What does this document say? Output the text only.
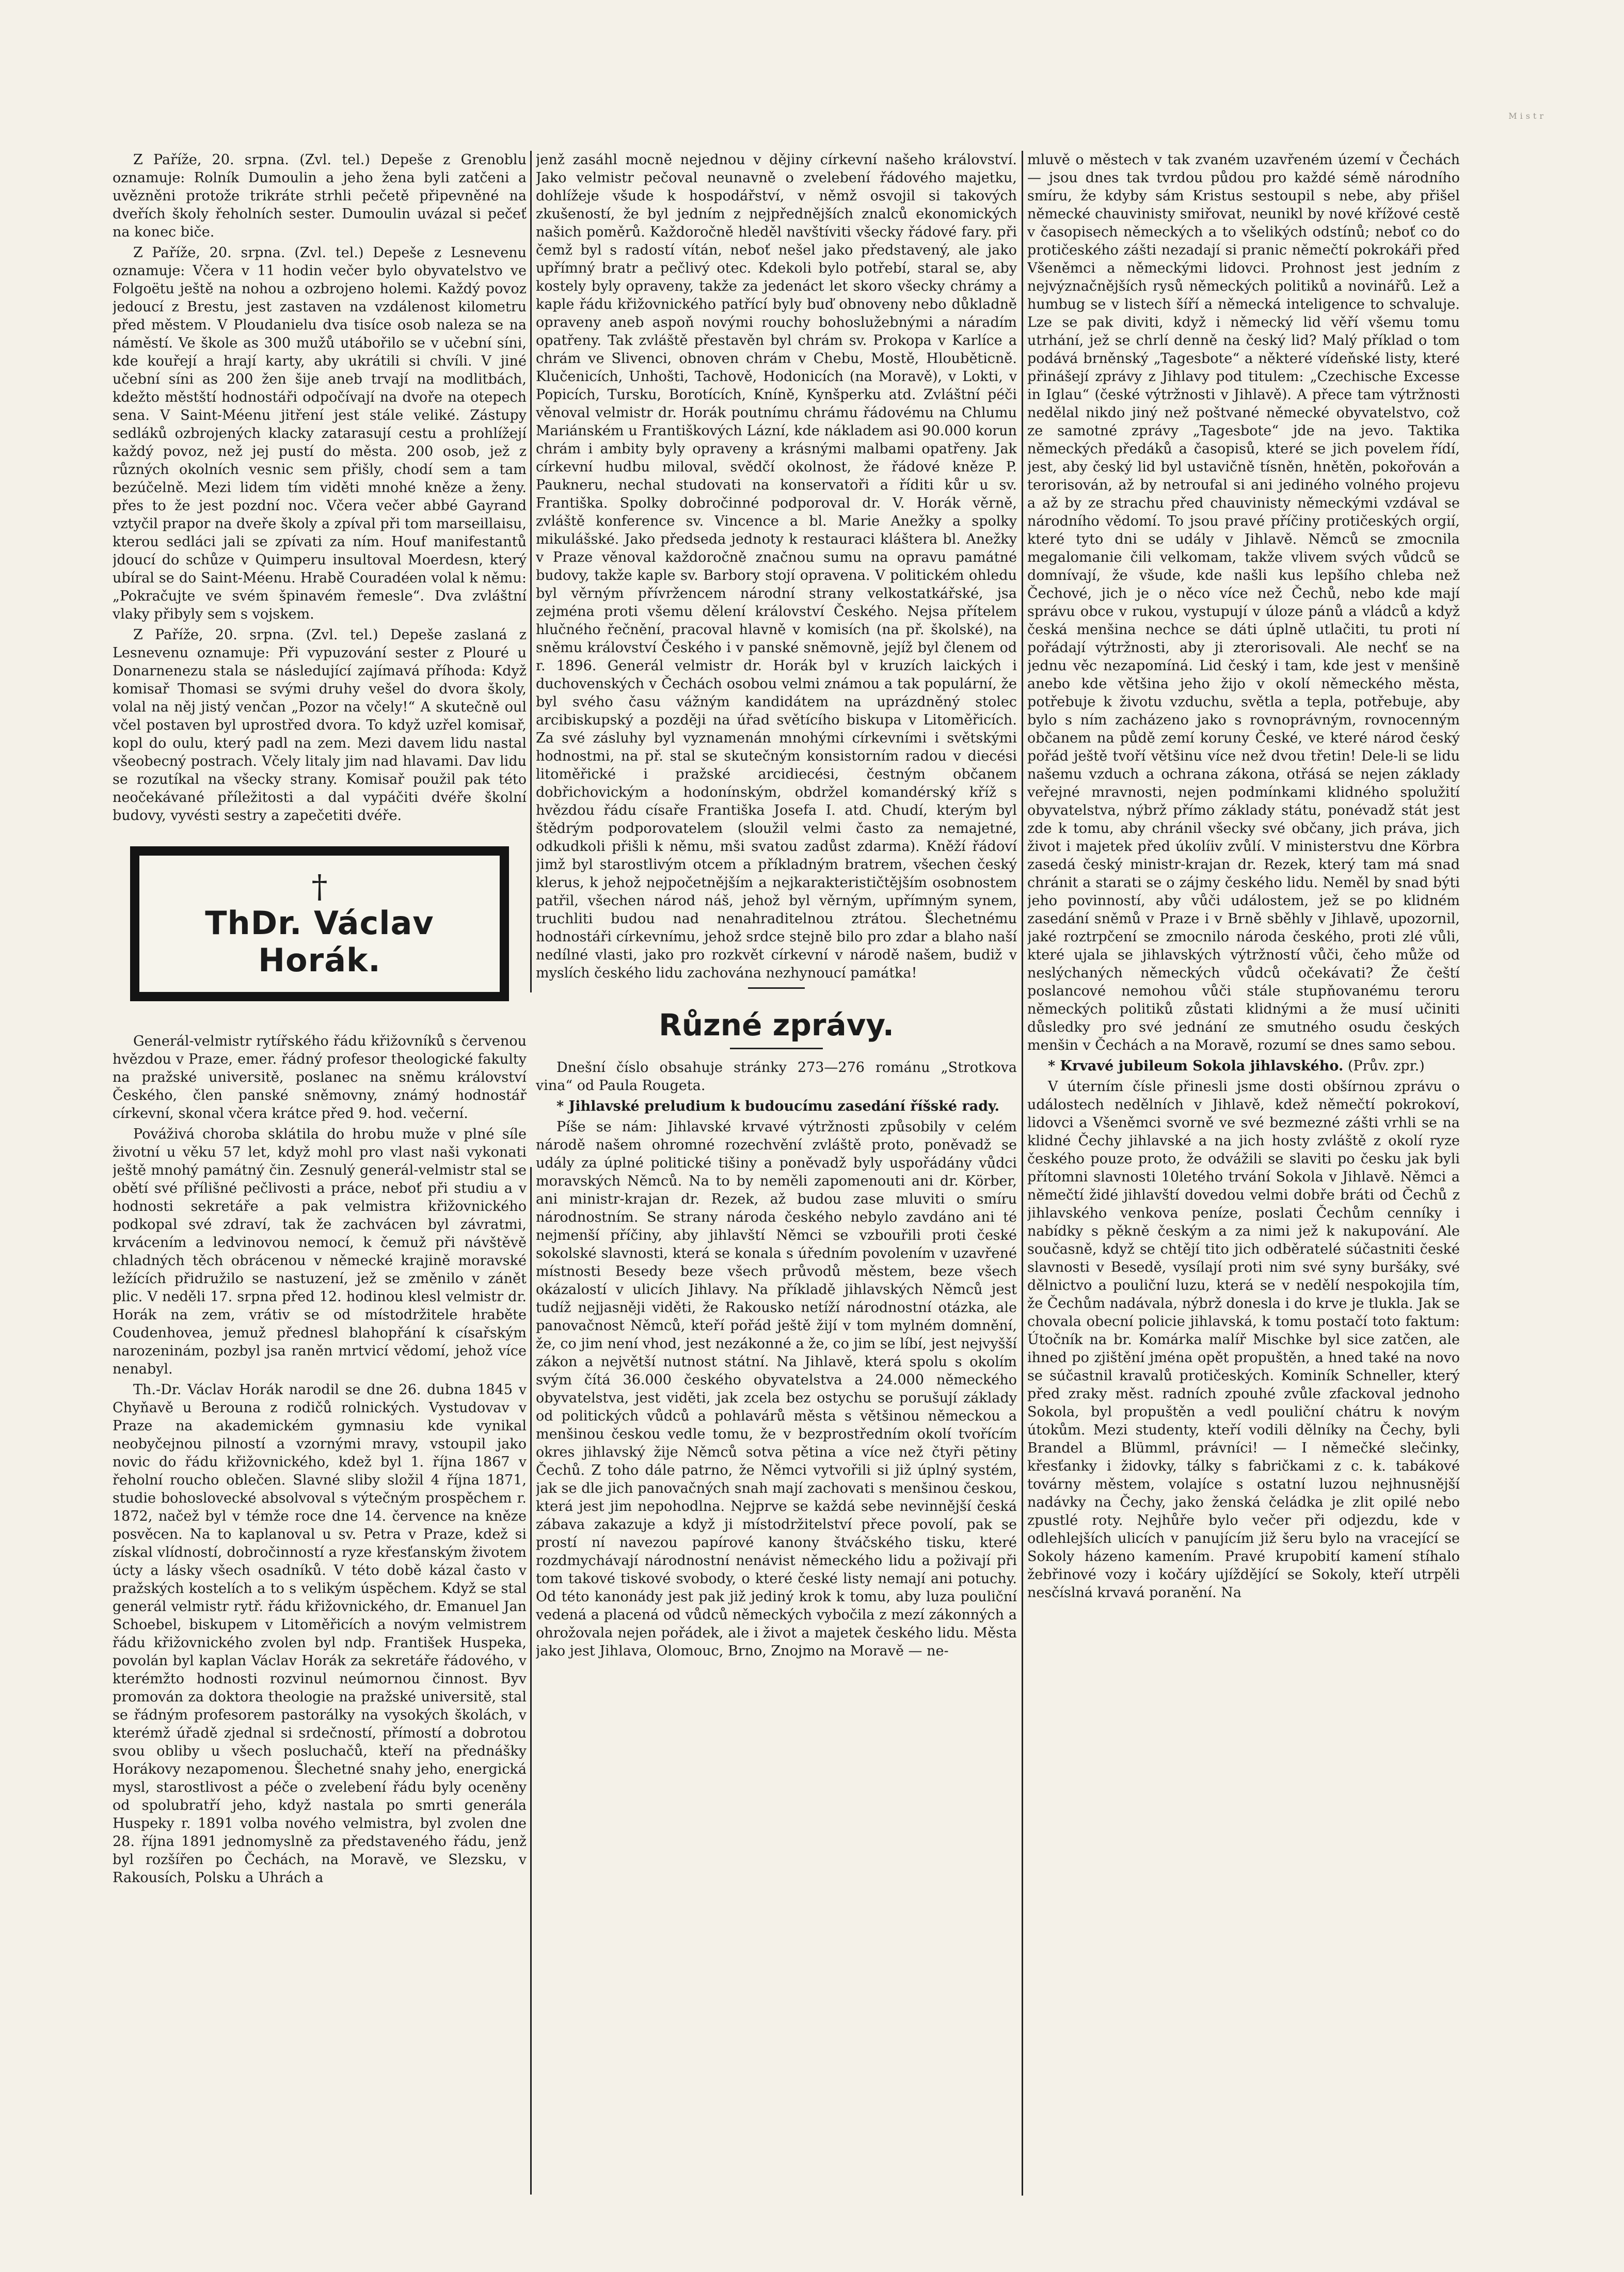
Mistr

Z Paříže, 20. srpna. (Zvl. tel.) Depeše z Grenoblu oznamuje: Rolník Dumoulin a jeho žena byli zatčeni a uvězněni protože trikráte strhli pečetě připevněné na dveřích školy řeholních sester. Dumoulin uvázal si pečeť na konec biče.

Z Paříže, 20. srpna. (Zvl. tel.) Depeše z Lesnevenu oznamuje: Včera v 11 hodin večer bylo obyvatelstvo ve Folgoëtu ještě na nohou a ozbrojeno holemi. Každý povoz jedoucí z Brestu, jest zastaven na vzdálenost kilometru před městem. V Ploudanielu dva tisíce osob naleza se na náměstí. Ve škole as 300 mužů utábořilo se v učební síni, kde kouřejí a hrají karty, aby ukrátili si chvíli. V jiné učební síni as 200 žen šije aneb trvají na modlitbách, kdežto městští hodnostáři odpočívají na dvoře na otepech sena. V Saint-Méenu jitření jest stále veliké. Zástupy sedláků ozbrojených klacky zatarasují cestu a prohlížejí každý povoz, než jej pustí do města. 200 osob, jež z různých okolních vesnic sem přišly, chodí sem a tam bezúčelně. Mezi lidem tím viděti mnohé kněze a ženy. přes to že jest pozdní noc. Včera večer abbé Gayrand vztyčil prapor na dveře školy a zpíval při tom marseillaisu, kterou sedláci jali se zpívati za ním. Houf manifestantů jdoucí do schůze v Quimperu insultoval Moerdesn, který ubíral se do Saint-Méenu. Hrabě Couradéen volal k němu: „Pokračujte ve svém špinavém řemesle“. Dva zvláštní vlaky přibyly sem s vojskem.

Z Paříže, 20. srpna. (Zvl. tel.) Depeše zaslaná z Lesnevenu oznamuje: Při vypuzování sester z Plouré u Donarnenezu stala se následující zajímavá příhoda: Když komisař Thomasi se svými druhy vešel do dvora školy, volal na něj jistý venčan „Pozor na včely!“ A skutečně oul včel postaven byl uprostřed dvora. To když uzřel komisař, kopl do oulu, který padl na zem. Mezi davem lidu nastal všeobecný postrach. Včely litaly jim nad hlavami. Dav lidu se rozutíkal na všecky strany. Komisař použil pak této neočekávané příležitosti a dal vypáčiti dvéře školní budovy, vyvésti sestry a zapečetiti dvéře.

†
ThDr. Václav Horák.

Generál-velmistr rytířského řádu křižovníků s červenou hvězdou v Praze, emer. řádný profesor theologické fakulty na pražské universitě, poslanec na sněmu království Českého, člen panské sněmovny, známý hodnostář církevní, skonal včera krátce před 9. hod. večerní.

Pováživá choroba sklátila do hrobu muže v plné síle životní u věku 57 let, když mohl pro vlast naši vykonati ještě mnohý památný čin. Zesnulý generál-velmistr stal se obětí své přílišné pečlivosti a práce, neboť při studiu a v hodnosti sekretáře a pak velmistra křižovnického podkopal své zdraví, tak že zachvácen byl závratmi, krvácením a ledvinovou nemocí, k čemuž při návštěvě chladných těch obrácenou v německé krajině moravské ležících přidružilo se nastuzení, jež se změnilo v zánět plic. V neděli 17. srpna před 12. hodinou klesl velmistr dr. Horák na zem, vrátiv se od místodržitele hraběte Coudenhovea, jemuž přednesl blahopřání k císařským narozeninám, pozbyl jsa raněn mrtvicí vědomí, jehož více nenabyl.

Th.-Dr. Václav Horák narodil se dne 26. dubna 1845 v Chyňavě u Berouna z rodičů rolnických. Vystudovav v Praze na akademickém gymnasiu kde vynikal neobyčejnou pilností a vzornými mravy, vstoupil jako novic do řádu křižovnického, kdež byl 1. října 1867 v řeholní roucho oblečen. Slavné sliby složil 4 října 1871, studie bohoslovecké absolvoval s výtečným prospěchem r. 1872, načež byl v témže roce dne 14. července na kněze posvěcen. Na to kaplanoval u sv. Petra v Praze, kdež si získal vlídností, dobročinností a ryze křesťanským životem úcty a lásky všech osadníků. V této době kázal často v pražských kostelích a to s velikým úspěchem. Když se stal generál velmistr rytř. řádu křižovnického, dr. Emanuel Jan Schoebel, biskupem v Litoměřicích a novým velmistrem řádu křižovnického zvolen byl ndp. František Huspeka, povolán byl kaplan Václav Horák za sekretáře řádového, v kterémžto hodnosti rozvinul neúmornou činnost. Byv promován za doktora theologie na pražské universitě, stal se řádným profesorem pastorálky na vysokých školách, v kterémž úřadě zjednal si srdečností, přímostí a dobrotou svou obliby u všech posluchačů, kteří na přednášky Horákovy nezapomenou. Šlechetné snahy jeho, energická mysl, starostlivost a péče o zvelebení řádu byly oceněny od spolubratří jeho, když nastala po smrti generála Huspeky r. 1891 volba nového velmistra, byl zvolen dne 28. října 1891 jednomyslně za představeného řádu, jenž byl rozšířen po Čechách, na Moravě, ve Slezsku, v Rakousích, Polsku a Uhrách a

jenž zasáhl mocně nejednou v dějiny církevní našeho království. Jako velmistr pečoval neunavně o zvelebení řádového majetku, dohlížeje všude k hospodářství, v němž osvojil si takových zkušeností, že byl jedním z nejpřednějších znalců ekonomických našich poměrů. Každoročně hleděl navštíviti všecky řádové fary. při čemž byl s radostí vítán, neboť nešel jako představený, ale jako upřímný bratr a pečlivý otec. Kdekoli bylo potřebí, staral se, aby kostely byly opraveny, takže za jedenáct let skoro všecky chrámy a kaple řádu křižovnického patřící byly buď obnoveny nebo důkladně opraveny aneb aspoň novými rouchy bohoslužebnými a náradím opatřeny. Tak zvláště přestavěn byl chrám sv. Prokopa v Karlíce a chrám ve Slivenci, obnoven chrám v Chebu, Mostě, Hlouběticně. Klučenicích, Unhošti, Tachově, Hodonicích (na Moravě), v Lokti, v Popicích, Tursku, Borotících, Kníně, Kynšperku atd. Zvláštní péči věnoval velmistr dr. Horák poutnímu chrámu řádovému na Chlumu Mariánském u Františkových Lázní, kde nákladem asi 90.000 korun chrám i ambity byly opraveny a krásnými malbami opatřeny. Jak církevní hudbu miloval, svědčí okolnost, že řádové kněze P. Paukneru, nechal studovati na konservatoři a říditi kůr u sv. Františka. Spolky dobročinné podporoval dr. V. Horák věrně, zvláště konference sv. Vincence a bl. Marie Anežky a spolky mikulášské. Jako předseda jednoty k restauraci kláštera bl. Anežky v Praze věnoval každoročně značnou sumu na opravu památné budovy, takže kaple sv. Barbory stojí opravena. V politickém ohledu byl věrným přívržencem národní strany velkostatkářské, jsa zejména proti všemu dělení království Českého. Nejsa přítelem hlučného řečnění, pracoval hlavně v komisích (na př. školské), na sněmu království Českého i v panské sněmovně, jejíž byl členem od r. 1896. Generál velmistr dr. Horák byl v kruzích laických i duchovenských v Čechách osobou velmi známou a tak populární, že byl svého času vážným kandidátem na uprázdněný stolec arcibiskupský a později na úřad světícího biskupa v Litoměřicích. Za své zásluhy byl vyznamenán mnohými církevními i světskými hodnostmi, na př. stal se skutečným konsistorním radou v diecési litoměřické i pražské arcidiecési, čestným občanem dobřichovickým a hodonínským, obdržel komandérský kříž s hvězdou řádu císaře Františka Josefa I. atd. Chudí, kterým byl štědrým podporovatelem (sloužil velmi často za nemajetné, odkudkoli přišli k němu, mši svatou zadůst zdarma). Kněží řádoví jimž byl starostlivým otcem a příkladným bratrem, všechen český klerus, k jehož nejpočetnějším a nejkarakterističtějším osobnostem patřil, všechen národ náš, jehož byl věrným, upřímným synem, truchliti budou nad nenahraditelnou ztrátou. Šlechetnému hodnostáři církevnímu, jehož srdce stejně bilo pro zdar a blaho naší nedílné vlasti, jako pro rozkvět církevní v národě našem, budiž v myslích českého lidu zachována nezhynoucí památka!

Různé zprávy.

Dnešní číslo obsahuje stránky 273—276 románu „Strotkova vina“ od Paula Rougeta.

* Jihlavské preludium k budoucímu zasedání říšské rady.

Píše se nám: Jihlavské krvavé výtržnosti způsobily v celém národě našem ohromné rozechvění zvláště proto, poněvadž se udály za úplné politické tišiny a poněvadž byly uspořádány vůdci moravských Němců. Na to by neměli zapomenouti ani dr. Körber, ani ministr-krajan dr. Rezek, až budou zase mluviti o smíru národnostním. Se strany národa českého nebylo zavdáno ani té nejmenší příčiny, aby jihlavští Němci se vzbouřili proti české sokolské slavnosti, která se konala s úředním povolením v uzavřené místnosti Besedy beze všech průvodů městem, beze všech okázalostí v ulicích Jihlavy. Na příkladě jihlavských Němců jest tudíž nejjasněji viděti, že Rakousko netíží národnostní otázka, ale panovačnost Němců, kteří pořád ještě žijí v tom mylném domnění, že, co jim není vhod, jest nezákonné a že, co jim se líbí, jest nejvyšší zákon a největší nutnost státní. Na Jihlavě, která spolu s okolím svým čítá 36.000 českého obyvatelstva a 24.000 německého obyvatelstva, jest viděti, jak zcela bez ostychu se porušují základy od politických vůdců a pohlavárů města s většinou německou a menšinou českou vedle tomu, že v bezprostředním okolí tvořícím okres jihlavský žije Němců sotva pětina a více než čtyři pětiny Čechů. Z toho dále patrno, že Němci vytvořili si již úplný systém, jak se dle jich panovačných snah mají zachovati s menšinou českou, která jest jim nepohodlna. Nejprve se každá sebe nevinnější česká zábava zakazuje a když ji místodržitelství přece povolí, pak se prostí ní navezou papírové kanony štváčského tisku, které rozdmychávají národnostní nenávist německého lidu a poživají při tom takové tiskové svobody, o které české listy nemají ani potuchy. Od této kanonády jest pak již jediný krok k tomu, aby luza pouliční vedená a placená od vůdců německých vybočila z mezí zákonných a ohrožovala nejen pořádek, ale i život a majetek českého lidu. Města jako jest Jihlava, Olomouc, Brno, Znojmo na Moravě — ne-

mluvě o městech v tak zvaném uzavřeném území v Čechách — jsou dnes tak tvrdou půdou pro každé sémě národního smíru, že kdyby sám Kristus sestoupil s nebe, aby přišel německé chauvinisty smiřovat, neunikl by nové křížové cestě v časopisech německých a to všelikých odstínů; neboť co do protičeského zášti nezadají si pranic němečtí pokrokáři před Všeněmci a německými lidovci. Prohnost jest jedním z nejvýznačnějších rysů německých politiků a novinářů. Lež a humbug se v listech šíří a německá inteligence to schvaluje. Lze se pak diviti, když i německý lid věří všemu tomu utrhání, jež se chrlí denně na český lid? Malý příklad o tom podává brněnský „Tagesbote“ a některé vídeňské listy, které přinášejí zprávy z Jihlavy pod titulem: „Czechische Excesse in Iglau“ (české výtržnosti v Jihlavě). A přece tam výtržnosti nedělal nikdo jiný než poštvané německé obyvatelstvo, což ze samotné zprávy „Tagesbote“ jde na jevo. Taktika německých předáků a časopisů, které se jich povelem řídí, jest, aby český lid byl ustavičně tísněn, hnětěn, pokořován a terorisován, až by netroufal si ani jediného volného projevu a až by ze strachu před chauvinisty německými vzdával se národního vědomí. To jsou pravé příčiny protičeských orgií, které tyto dni se udály v Jihlavě. Němců se zmocnila megalomanie čili velkomam, takže vlivem svých vůdců se domnívají, že všude, kde našli kus lepšího chleba než Čechové, jich je o něco více než Čechů, nebo kde mají správu obce v rukou, vystupují v úloze pánů a vládců a když česká menšina nechce se dáti úplně utlačiti, tu proti ní pořádají výtržnosti, aby ji zterorisovali. Ale nechť se na jednu věc nezapomíná. Lid český i tam, kde jest v menšině anebo kde většina jeho žijo v okolí německého města, potřebuje k životu vzduchu, světla a tepla, potřebuje, aby bylo s ním zacházeno jako s rovnoprávným, rovnocenným občanem na půdě zemí koruny České, ve které národ český pořád ještě tvoří většinu více než dvou třetin! Dele-li se lidu našemu vzduch a ochrana zákona, otřásá se nejen základy veřejné mravnosti, nejen podmínkami klidného spolužití obyvatelstva, nýbrž přímo základy státu, ponévadž stát jest zde k tomu, aby chránil všecky své občany, jich práva, jich život i majetek před úkolíiv zvůlí. V ministerstvu dne Körbra zasedá český ministr-krajan dr. Rezek, který tam má snad chránit a starati se o zájmy českého lidu. Neměl by snad býti jeho povinností, aby vůči událostem, jež se po klidném zasedání sněmů v Praze i v Brně sběhly v Jihlavě, upozornil, jaké roztrpčení se zmocnilo národa českého, proti zlé vůli, které ujala se jihlavských výtržností vůči, čeho může od neslýchaných německých vůdců očekávati? Že čeští poslancové nemohou vůči stále stupňovanému teroru německých politiků zůstati klidnými a že musí učiniti důsledky pro své jednání ze smutného osudu českých menšin v Čechách a na Moravě, rozumí se dnes samo sebou.

* Krvavé jubileum Sokola jihlavského. (Prův. zpr.)

V úterním čísle přinesli jsme dosti obšírnou zprávu o událostech nedělních v Jihlavě, kdež němečtí pokrokoví, lidovci a Všeněmci svorně ve své bezmezné zášti vrhli se na klidné Čechy jihlavské a na jich hosty zvláště z okolí ryze českého pouze proto, že odvážili se slaviti po česku jak byli přítomni slavnosti 10letého trvání Sokola v Jihlavě. Němci a němečtí židé jihlavští dovedou velmi dobře bráti od Čechů z jihlavského venkova peníze, poslati Čechům cenníky i nabídky s pěkně českým a za nimi jež k nakupování. Ale současně, když se chtějí tito jich odběratelé súčastniti české slavnosti v Besedě, vysílají proti nim své syny buršáky, své dělnictvo a pouliční luzu, která se v nedělí nespokojila tím, že Čechům nadávala, nýbrž donesla i do krve je tlukla. Jak se chovala obecní policie jihlavská, k tomu postačí toto faktum: Útočník na br. Komárka malíř Mischke byl sice zatčen, ale ihned po zjištění jména opět propuštěn, a hned také na novo se súčastnil kravalů protičeských. Kominík Schneller, který před zraky měst. radních zpouhé zvůle zfackoval jednoho Sokola, byl propuštěn a vedl pouliční chátru k novým útokům. Mezi studenty, kteří vodili dělníky na Čechy, byli Brandel a Blümml, právníci! — I němečké slečinky, křesťanky i židovky, tálky s fabričkami z c. k. tabákové továrny městem, volajíce s ostatní luzou nejhnusnější nadávky na Čechy, jako ženská čeládka je zlit opilé nebo zpustlé roty. Nejhůře bylo večer při odjezdu, kde v odlehlejších ulicích v panujícím již šeru bylo na vracející se Sokoly házeno kamením. Pravé krupobití kamení stíhalo žebřinové vozy i kočáry ujíždějící se Sokoly, kteří utrpěli nesčíslná krvavá poranění. Na
